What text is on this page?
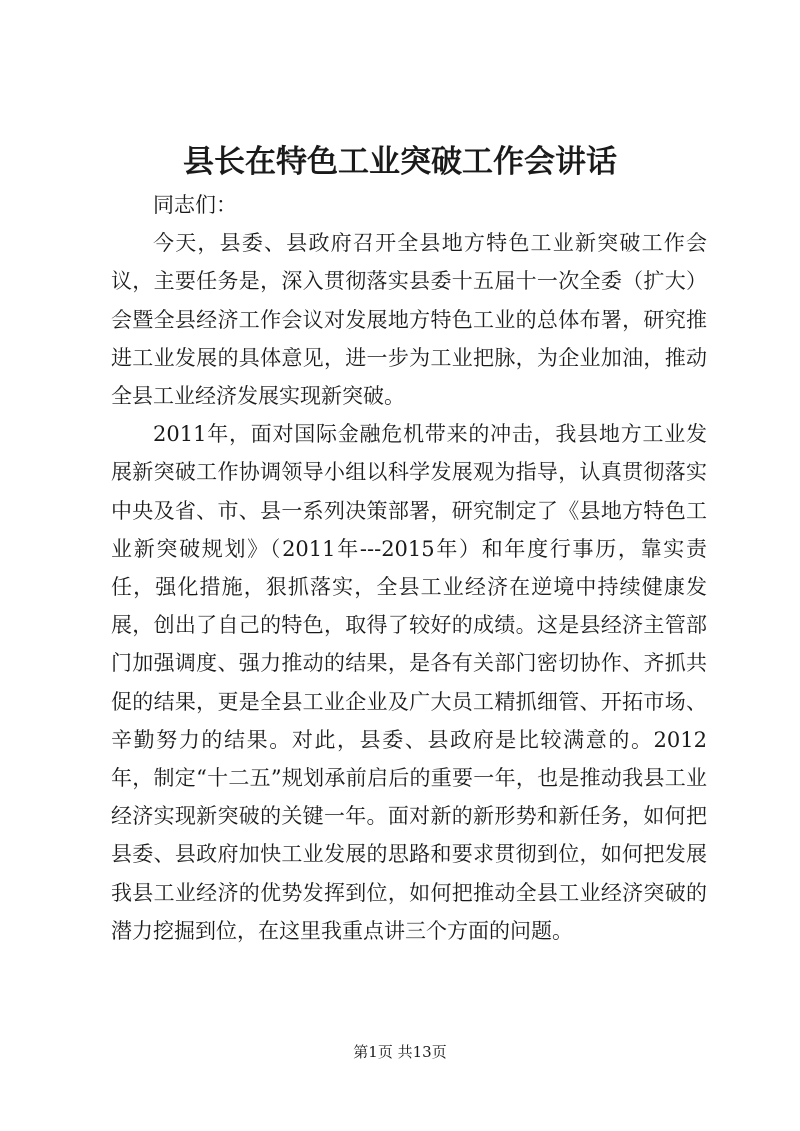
县长在特色工业突破工作会讲话

同志们：

今天，县委、县政府召开全县地方特色工业新突破工作会议，主要任务是，深入贯彻落实县委十五届十一次全委（扩大）会暨全县经济工作会议对发展地方特色工业的总体布署，研究推进工业发展的具体意见，进一步为工业把脉，为企业加油，推动全县工业经济发展实现新突破。

2011年，面对国际金融危机带来的冲击，我县地方工业发展新突破工作协调领导小组以科学发展观为指导，认真贯彻落实中央及省、市、县一系列决策部署，研究制定了《县地方特色工业新突破规划》（2011年---2015年）和年度行事历，靠实责任，强化措施，狠抓落实，全县工业经济在逆境中持续健康发展，创出了自己的特色，取得了较好的成绩。这是县经济主管部门加强调度、强力推动的结果，是各有关部门密切协作、齐抓共促的结果，更是全县工业企业及广大员工精抓细管、开拓市场、辛勤努力的结果。对此，县委、县政府是比较满意的。2012年，制定“十二五”规划承前启后的重要一年，也是推动我县工业经济实现新突破的关键一年。面对新的新形势和新任务，如何把县委、县政府加快工业发展的思路和要求贯彻到位，如何把发展我县工业经济的优势发挥到位，如何把推动全县工业经济突破的潜力挖掘到位，在这里我重点讲三个方面的问题。

第1页 共13页
